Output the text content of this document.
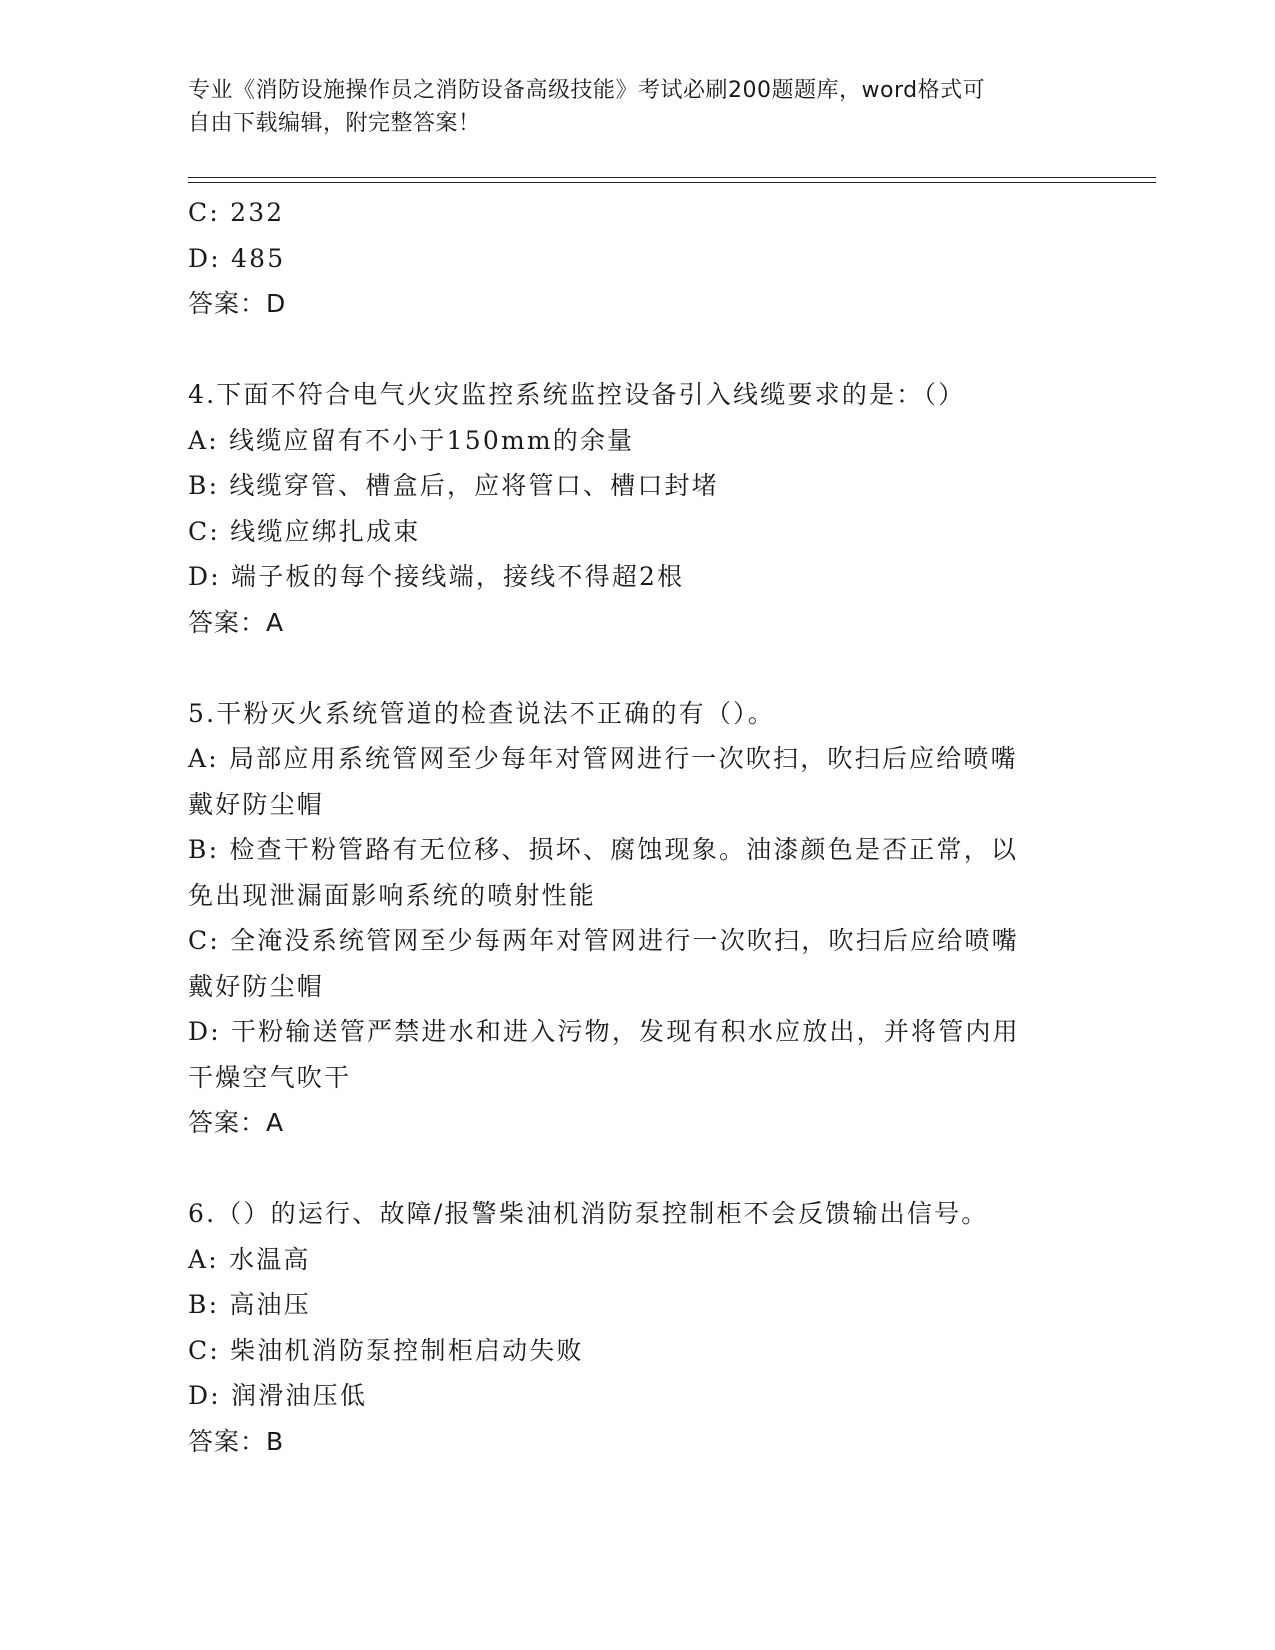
专业《消防设施操作员之消防设备高级技能》考试必刷200题题库，word格式可
自由下载编辑，附完整答案！
C: 232
D: 485
答案：D
4.下面不符合电气火灾监控系统监控设备引入线缆要求的是：（）
A: 线缆应留有不小于150mm的余量
B: 线缆穿管、槽盒后，应将管口、槽口封堵
C: 线缆应绑扎成束
D: 端子板的每个接线端，接线不得超2根
答案：A
5.干粉灭火系统管道的检查说法不正确的有（）。
A: 局部应用系统管网至少每年对管网进行一次吹扫，吹扫后应给喷嘴
戴好防尘帽
B: 检查干粉管路有无位移、损坏、腐蚀现象。油漆颜色是否正常，以
免出现泄漏面影响系统的喷射性能
C: 全淹没系统管网至少每两年对管网进行一次吹扫，吹扫后应给喷嘴
戴好防尘帽
D: 干粉输送管严禁进水和进入污物，发现有积水应放出，并将管内用
干燥空气吹干
答案：A
6.（）的运行、故障/报警柴油机消防泵控制柜不会反馈输出信号。
A: 水温高
B: 高油压
C: 柴油机消防泵控制柜启动失败
D: 润滑油压低
答案：B
